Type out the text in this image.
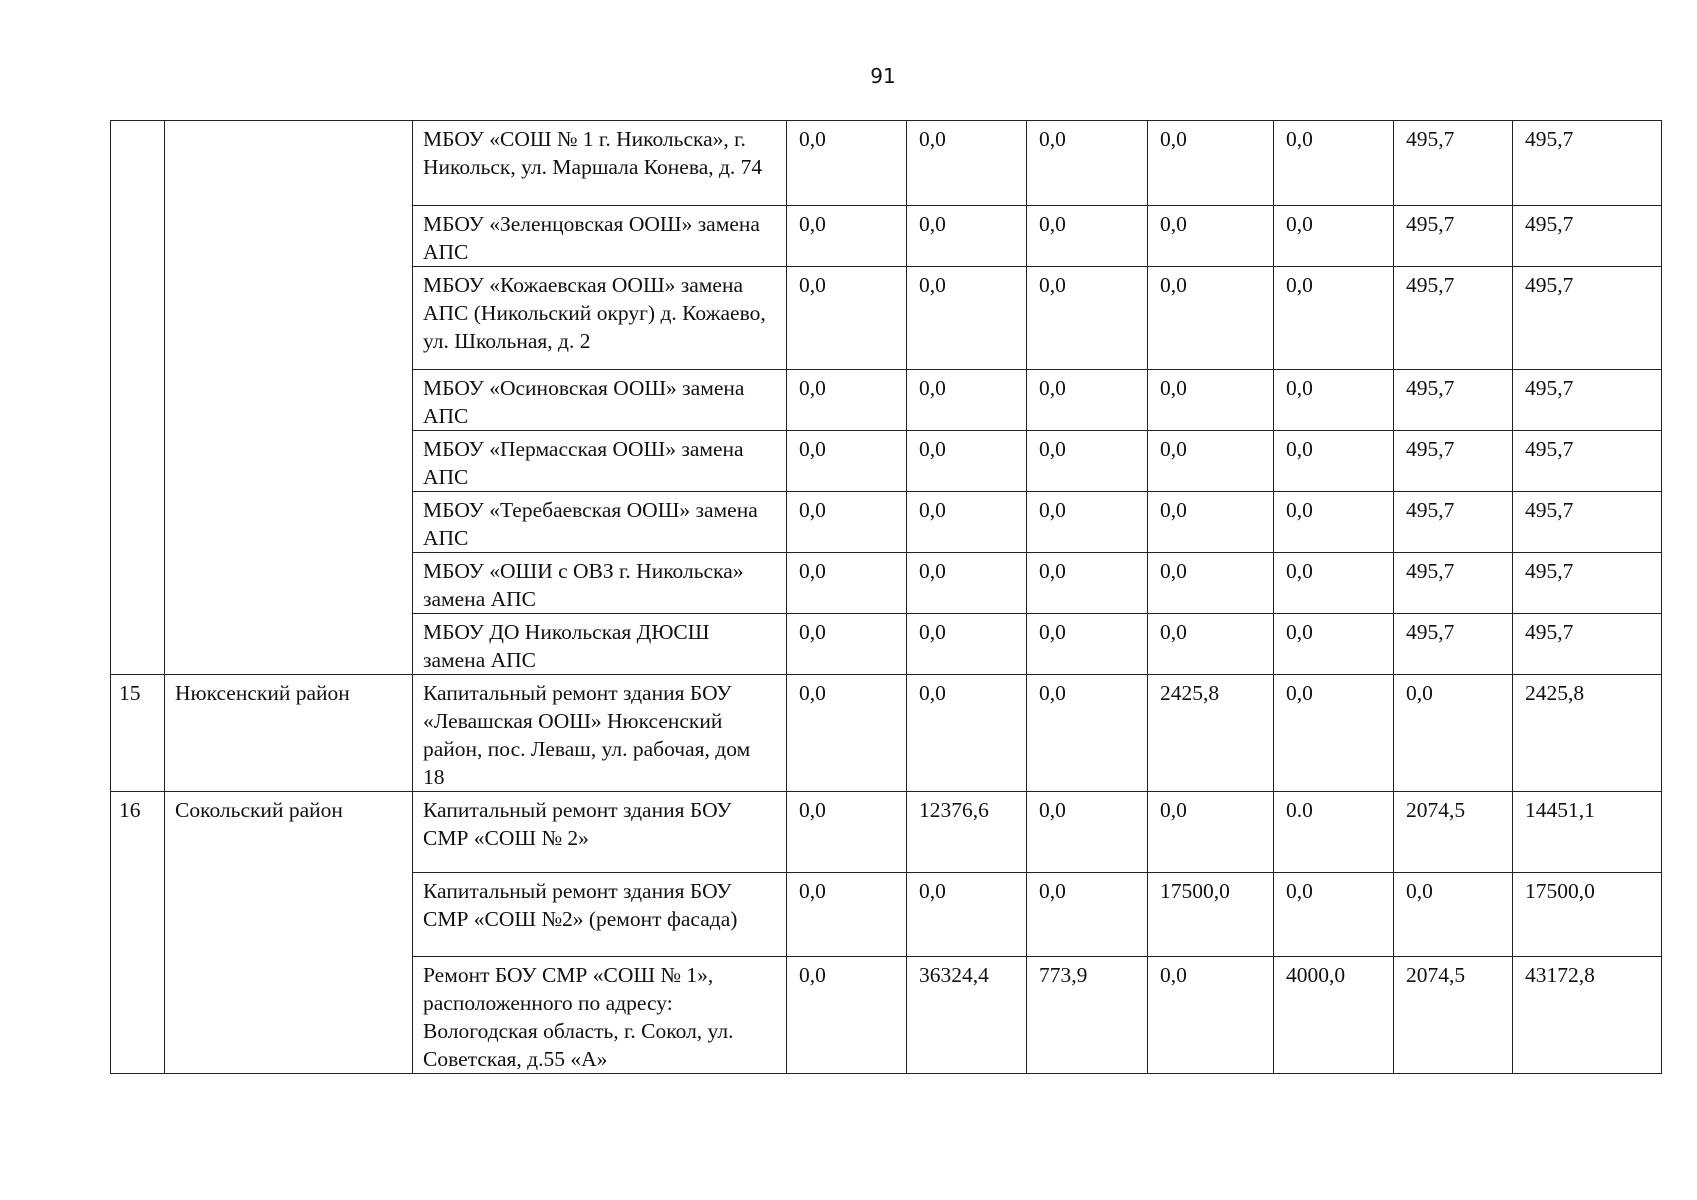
91
		МБОУ «СОШ № 1 г. Никольска», г. Никольск, ул. Маршала Конева, д. 74	0,0	0,0	0,0	0,0	0,0	495,7	495,7
		МБОУ «Зеленцовская ООШ» замена АПС	0,0	0,0	0,0	0,0	0,0	495,7	495,7
		МБОУ «Кожаевская ООШ» замена АПС (Никольский округ) д. Кожаево, ул. Школьная, д. 2	0,0	0,0	0,0	0,0	0,0	495,7	495,7
		МБОУ «Осиновская ООШ» замена АПС	0,0	0,0	0,0	0,0	0,0	495,7	495,7
		МБОУ «Пермасская ООШ» замена АПС	0,0	0,0	0,0	0,0	0,0	495,7	495,7
		МБОУ «Теребаевская ООШ» замена АПС	0,0	0,0	0,0	0,0	0,0	495,7	495,7
		МБОУ «ОШИ с ОВЗ г. Никольска» замена АПС	0,0	0,0	0,0	0,0	0,0	495,7	495,7
		МБОУ ДО Никольская ДЮСШ замена АПС	0,0	0,0	0,0	0,0	0,0	495,7	495,7
15	Нюксенский район	Капитальный ремонт здания БОУ «Левашская ООШ» Нюксенский район, пос. Леваш, ул. рабочая, дом 18	0,0	0,0	0,0	2425,8	0,0	0,0	2425,8
16	Сокольский район	Капитальный ремонт здания БОУ СМР «СОШ № 2»	0,0	12376,6	0,0	0,0	0.0	2074,5	14451,1
		Капитальный ремонт здания БОУ СМР «СОШ №2» (ремонт фасада)	0,0	0,0	0,0	17500,0	0,0	0,0	17500,0
		Ремонт БОУ СМР «СОШ № 1», расположенного по адресу: Вологодская область, г. Сокол, ул. Советская, д.55 «А»	0,0	36324,4	773,9	0,0	4000,0	2074,5	43172,8
